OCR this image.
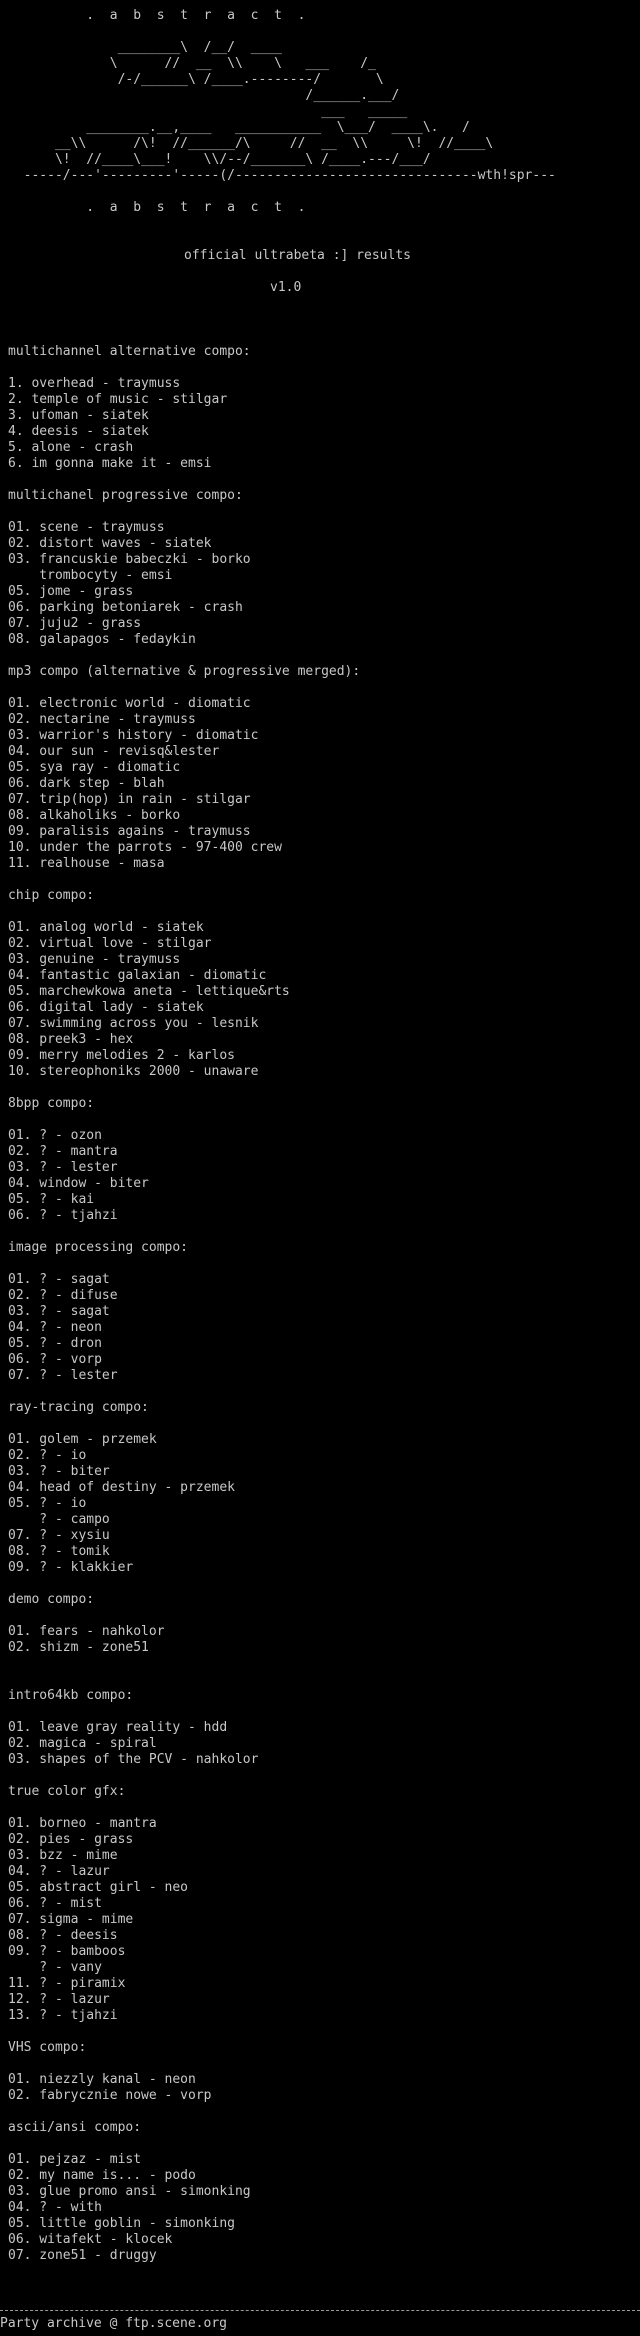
.  a  b  s  t  r  a  c  t  .
________\  /__/  ____
\      //  __  \\    \   ___    /_
/-/______\ /____.--------/       \
/______.___/
___   _____
________.__,____   ___________  \___/  ____\.   /
__\\      /\!  //______/\     //  __  \\     \!  //____\
\!  //____\___!    \\/--/_______\ /____.---/___/
-----/---'---------'-----(/-------------------------------wth!spr---
.  a  b  s  t  r  a  c  t  .
official ultrabeta :] results
v1.0
multichannel alternative compo:
1. overhead - traymuss
2. temple of music - stilgar
3. ufoman - siatek
4. deesis - siatek
5. alone - crash
6. im gonna make it - emsi
multichanel progressive compo:
01. scene - traymuss
02. distort waves - siatek
03. francuskie babeczki - borko
trombocyty - emsi
05. jome - grass
06. parking betoniarek - crash
07. juju2 - grass
08. galapagos - fedaykin
mp3 compo (alternative & progressive merged):
01. electronic world - diomatic
02. nectarine - traymuss
03. warrior's history - diomatic
04. our sun - revisq&lester
05. sya ray - diomatic
06. dark step - blah
07. trip(hop) in rain - stilgar
08. alkaholiks - borko
09. paralisis agains - traymuss
10. under the parrots - 97-400 crew
11. realhouse - masa
chip compo:
01. analog world - siatek
02. virtual love - stilgar
03. genuine - traymuss
04. fantastic galaxian - diomatic
05. marchewkowa aneta - lettique&rts
06. digital lady - siatek
07. swimming across you - lesnik
08. preek3 - hex
09. merry melodies 2 - karlos
10. stereophoniks 2000 - unaware
8bpp compo:
01. ? - ozon
02. ? - mantra
03. ? - lester
04. window - biter
05. ? - kai
06. ? - tjahzi
image processing compo:
01. ? - sagat
02. ? - difuse
03. ? - sagat
04. ? - neon
05. ? - dron
06. ? - vorp
07. ? - lester
ray-tracing compo:
01. golem - przemek
02. ? - io
03. ? - biter
04. head of destiny - przemek
05. ? - io
? - campo
07. ? - xysiu
08. ? - tomik
09. ? - klakkier
demo compo:
01. fears - nahkolor
02. shizm - zone51
intro64kb compo:
01. leave gray reality - hdd
02. magica - spiral
03. shapes of the PCV - nahkolor
true color gfx:
01. borneo - mantra
02. pies - grass
03. bzz - mime
04. ? - lazur
05. abstract girl - neo
06. ? - mist
07. sigma - mime
08. ? - deesis
09. ? - bamboos
? - vany
11. ? - piramix
12. ? - lazur
13. ? - tjahzi
VHS compo:
01. niezzly kanal - neon
02. fabrycznie nowe - vorp
ascii/ansi compo:
01. pejzaz - mist
02. my name is... - podo
03. glue promo ansi - simonking
04. ? - with
05. little goblin - simonking
06. witafekt - klocek
07. zone51 - druggy
Party archive @ ftp.scene.org
